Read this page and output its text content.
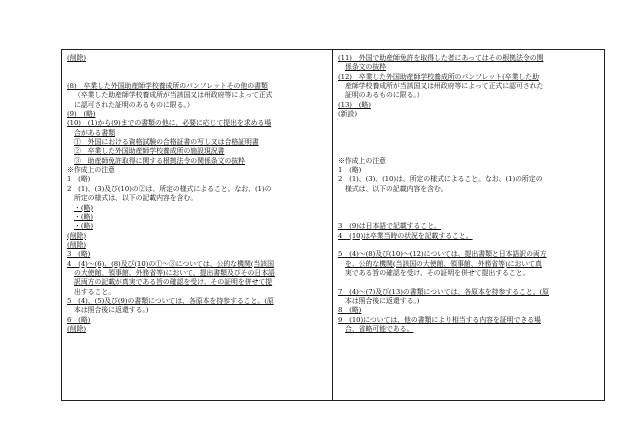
(削除)
(8)　卒業した外国助産師学校養成所のパンフレットその他の書類
（卒業した助産師学校養成所が当該国又は州政府等によって正式
に認可された証明のあるものに限る。）
(9)　(略)
(10)　(1)から(9)までの書類の他に、必要に応じて提出を求める場
合がある書類
①　外国における資格試験の合格証書の写し又は合格証明書
②　卒業した外国助産師学校養成所の施設現況書
③　助産師免許取得に関する根拠法令の関係条文の抜粋
※作成上の注意
1　(略)
2　(1)、(3)及び(10)の②は、所定の様式によること。なお、(1)の
所定の様式は、以下の記載内容を含む。
・(略)
・(略)
・(略)
(削除)
(削除)
3　(略)
4　(4)～(6)、(8)及び(10)の①～③については、公的な機関(当該国
の大使館、領事館、外務省等)において、提出書類及びその日本語
訳両方の記載が真実である旨の確認を受け、その証明を併せて提
出すること。
5　(4)、(5)及び(9)の書類については、各原本を持参すること。(原
本は照合後に返還する。)
6　(略)
(削除)
(11)　外国で助産師免許を取得した者にあってはその根拠法令の関
係条文の抜粋
(12)　卒業した外国助産師学校養成所のパンフレット(卒業した助
産師学校養成所が当該国又は州政府等によって正式に認可された
証明のあるものに限る。）
(13)　(略)
(新設)
※作成上の注意
1　(略)
2　(1)、(3)、(10)は、所定の様式によること。なお、(1)の所定の
様式は、以下の記載内容を含む。
3　(9)は日本語で記載すること。
4　(10)は卒業当時の状況を記載すること。
5　(4)～(8)及び(10)～(12)については、提出書類と日本語訳の両方
を、公的な機関(当該国の大使館、領事館、外務省等)において真
実である旨の確認を受け、その証明を併せて提出すること。
7　(4)～(7)及び(13)の書類については、各原本を持参すること。(原
本は照合後に返還する。)
8　(略)
9　(10)については、他の書類により相当する内容を証明できる場
合、省略可能である。
